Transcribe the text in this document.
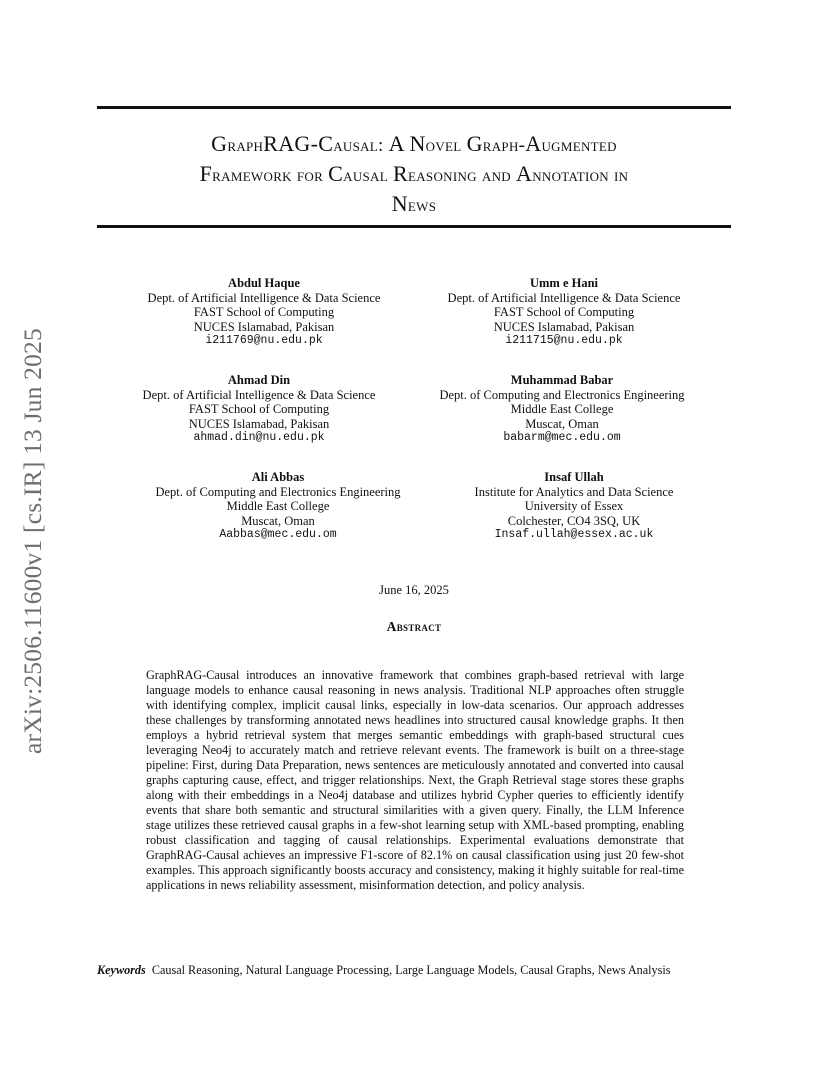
arXiv:2506.11600v1 [cs.IR] 13 Jun 2025
GraphRAG-Causal: A Novel Graph-Augmented
Framework for Causal Reasoning and Annotation in
News
Abdul Haque
Dept. of Artificial Intelligence & Data Science
FAST School of Computing
NUCES Islamabad, Pakisan
i211769@nu.edu.pk
Umm e Hani
Dept. of Artificial Intelligence & Data Science
FAST School of Computing
NUCES Islamabad, Pakisan
i211715@nu.edu.pk
Ahmad Din
Dept. of Artificial Intelligence & Data Science
FAST School of Computing
NUCES Islamabad, Pakisan
ahmad.din@nu.edu.pk
Muhammad Babar
Dept. of Computing and Electronics Engineering
Middle East College
Muscat, Oman
babarm@mec.edu.om
Ali Abbas
Dept. of Computing and Electronics Engineering
Middle East College
Muscat, Oman
Aabbas@mec.edu.om
Insaf Ullah
Institute for Analytics and Data Science
University of Essex
Colchester, CO4 3SQ, UK
Insaf.ullah@essex.ac.uk
June 16, 2025
Abstract
GraphRAG-Causal introduces an innovative framework that combines graph-based retrieval with large language models to enhance causal reasoning in news analysis. Traditional NLP approaches often struggle with identifying complex, implicit causal links, especially in low-data scenarios. Our approach addresses these challenges by transforming annotated news headlines into structured causal knowledge graphs. It then employs a hybrid retrieval system that merges semantic embeddings with graph-based structural cues leveraging Neo4j to accurately match and retrieve relevant events. The framework is built on a three-stage pipeline: First, during Data Preparation, news sentences are meticulously annotated and converted into causal graphs capturing cause, effect, and trigger relationships. Next, the Graph Retrieval stage stores these graphs along with their embeddings in a Neo4j database and utilizes hybrid Cypher queries to efficiently identify events that share both semantic and structural similarities with a given query. Finally, the LLM Inference stage utilizes these retrieved causal graphs in a few-shot learning setup with XML-based prompting, enabling robust classification and tagging of causal relationships. Experimental evaluations demonstrate that GraphRAG-Causal achieves an impressive F1-score of 82.1% on causal classification using just 20 few-shot examples. This approach significantly boosts accuracy and consistency, making it highly suitable for real-time applications in news reliability assessment, misinformation detection, and policy analysis.
Keywords Causal Reasoning, Natural Language Processing, Large Language Models, Causal Graphs, News Analysis
